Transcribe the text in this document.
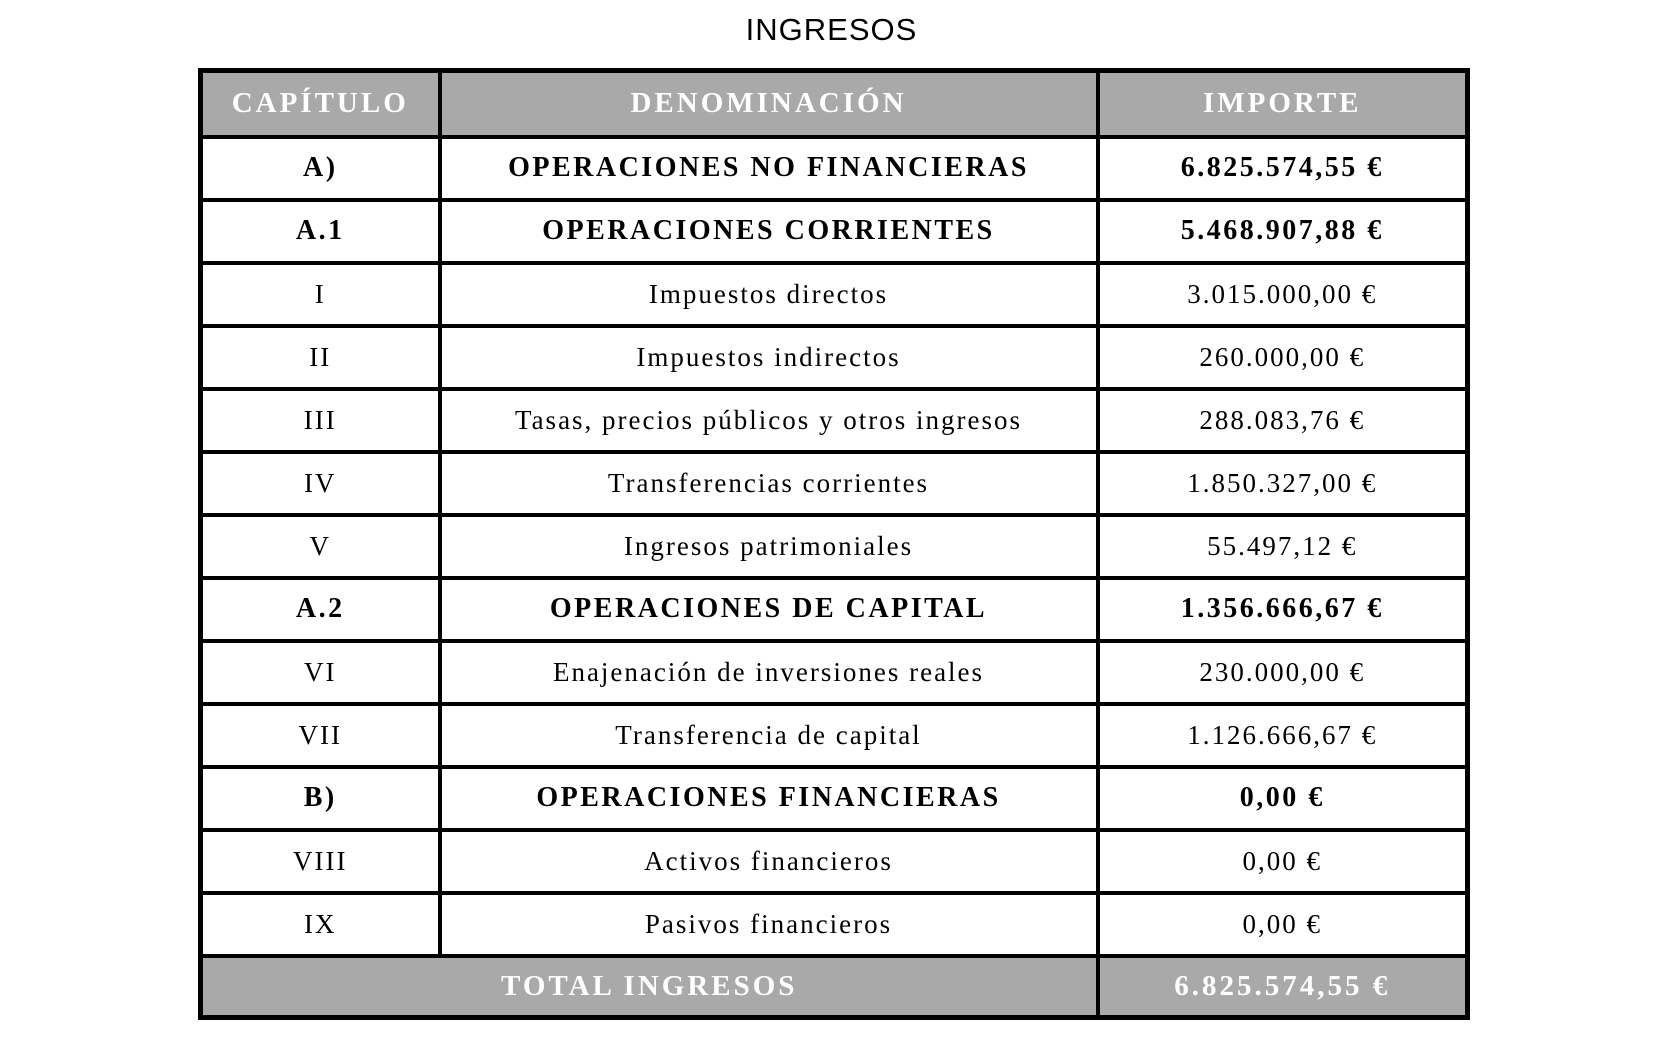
INGRESOS
CAPÍTULO	DENOMINACIÓN	IMPORTE
A)	OPERACIONES NO FINANCIERAS	6.825.574,55 €
A.1	OPERACIONES CORRIENTES	5.468.907,88 €
I	Impuestos directos	3.015.000,00 €
II	Impuestos indirectos	260.000,00 €
III	Tasas, precios públicos y otros ingresos	288.083,76 €
IV	Transferencias corrientes	1.850.327,00 €
V	Ingresos patrimoniales	55.497,12 €
A.2	OPERACIONES DE CAPITAL	1.356.666,67 €
VI	Enajenación de inversiones reales	230.000,00 €
VII	Transferencia de capital	1.126.666,67 €
B)	OPERACIONES FINANCIERAS	0,00 €
VIII	Activos financieros	0,00 €
IX	Pasivos financieros	0,00 €
TOTAL INGRESOS		6.825.574,55 €
